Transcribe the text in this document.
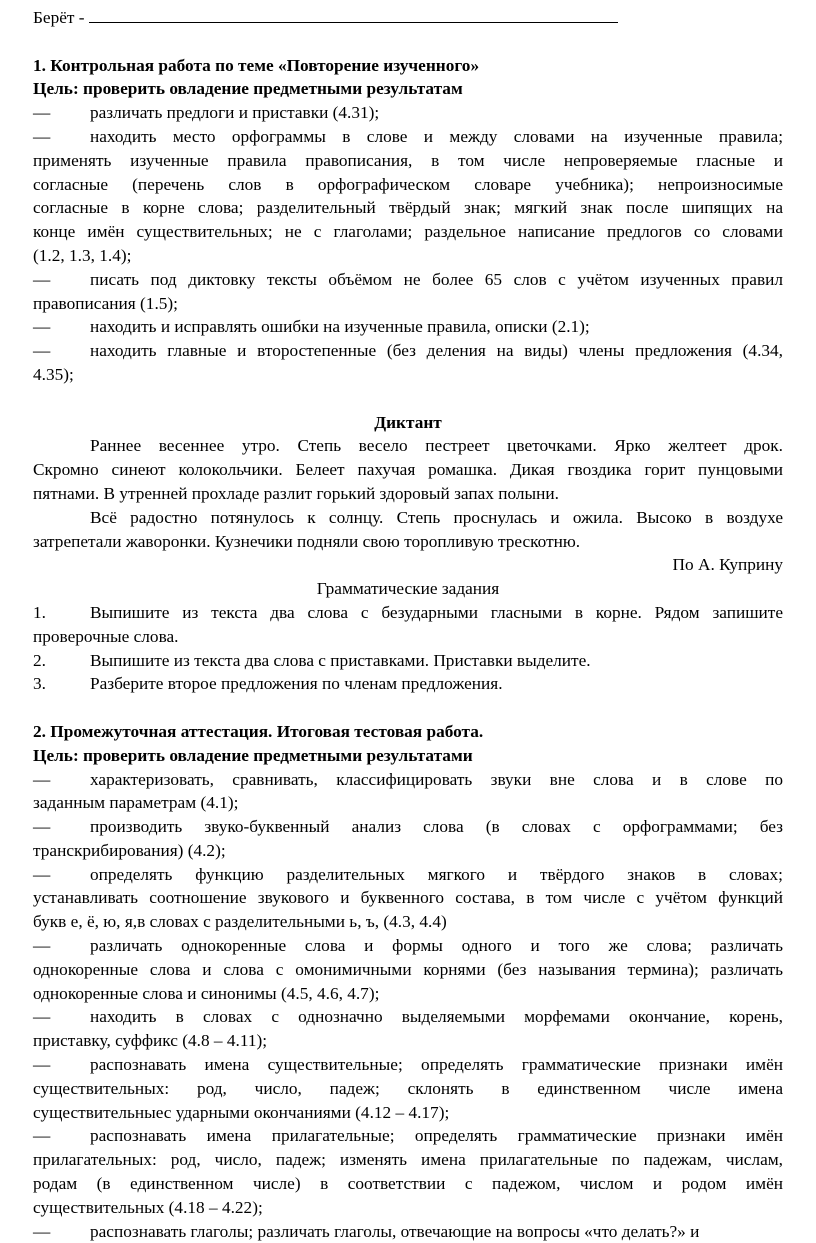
Берёт -
1. Контрольная работа по теме «Повторение изученного»
Цель: проверить овладение предметными результатам
— различать предлоги и приставки (4.31);
— находить место орфограммы в слове и между словами на изученные правила;
применять изученные правила правописания, в том числе непроверяемые гласные и
согласные (перечень слов в орфографическом словаре учебника); непроизносимые
согласные в корне слова; разделительный твёрдый знак; мягкий знак после шипящих на
конце имён существительных; не с глаголами; раздельное написание предлогов со словами
(1.2, 1.3, 1.4);
— писать под диктовку тексты объёмом не более 65 слов с учётом изученных правил
правописания (1.5);
— находить и исправлять ошибки на изученные правила, описки (2.1);
— находить главные и второстепенные (без деления на виды) члены предложения (4.34,
4.35);
Диктант
Раннее весеннее утро. Степь весело пестреет цветочками. Ярко желтеет дрок.
Скромно синеют колокольчики. Белеет пахучая ромашка. Дикая гвоздика горит пунцовыми
пятнами. В утренней прохладе разлит горький здоровый запах полыни.
Всё радостно потянулось к солнцу. Степь проснулась и ожила. Высоко в воздухе
затрепетали жаворонки. Кузнечики подняли свою торопливую трескотню.
По А. Куприну
Грамматические задания
1.	Выпишите из текста два слова с безударными гласными в корне. Рядом запишите
проверочные слова.
2.	Выпишите из текста два слова с приставками. Приставки выделите.
3.	Разберите второе предложения по членам предложения.
2. Промежуточная аттестация. Итоговая тестовая работа.
Цель: проверить овладение предметными результатами
— характеризовать, сравнивать, классифицировать звуки вне слова и в слове по
заданным параметрам (4.1);
— производить звуко-буквенный анализ слова (в словах с орфограммами; без
транскрибирования) (4.2);
— определять функцию разделительных мягкого и твёрдого знаков в словах;
устанавливать соотношение звукового и буквенного состава, в том числе с учётом функций
букв е, ё, ю, я,в словах с разделительными ь, ъ, (4.3, 4.4)
— различать однокоренные слова и формы одного и того же слова; различать
однокоренные слова и слова с омонимичными корнями (без называния термина); различать
однокоренные слова и синонимы (4.5, 4.6, 4.7);
— находить в словах с однозначно выделяемыми морфемами окончание, корень,
приставку, суффикс (4.8 – 4.11);
— распознавать имена существительные; определять грамматические признаки имён
существительных: род, число, падеж; склонять в единственном числе имена
существительныес ударными окончаниями (4.12 – 4.17);
— распознавать имена прилагательные; определять грамматические признаки имён
прилагательных: род, число, падеж; изменять имена прилагательные по падежам, числам,
родам (в единственном числе) в соответствии с падежом, числом и родом имён
существительных (4.18 – 4.22);
— распознавать глаголы; различать глаголы, отвечающие на вопросы «что делать?» и
